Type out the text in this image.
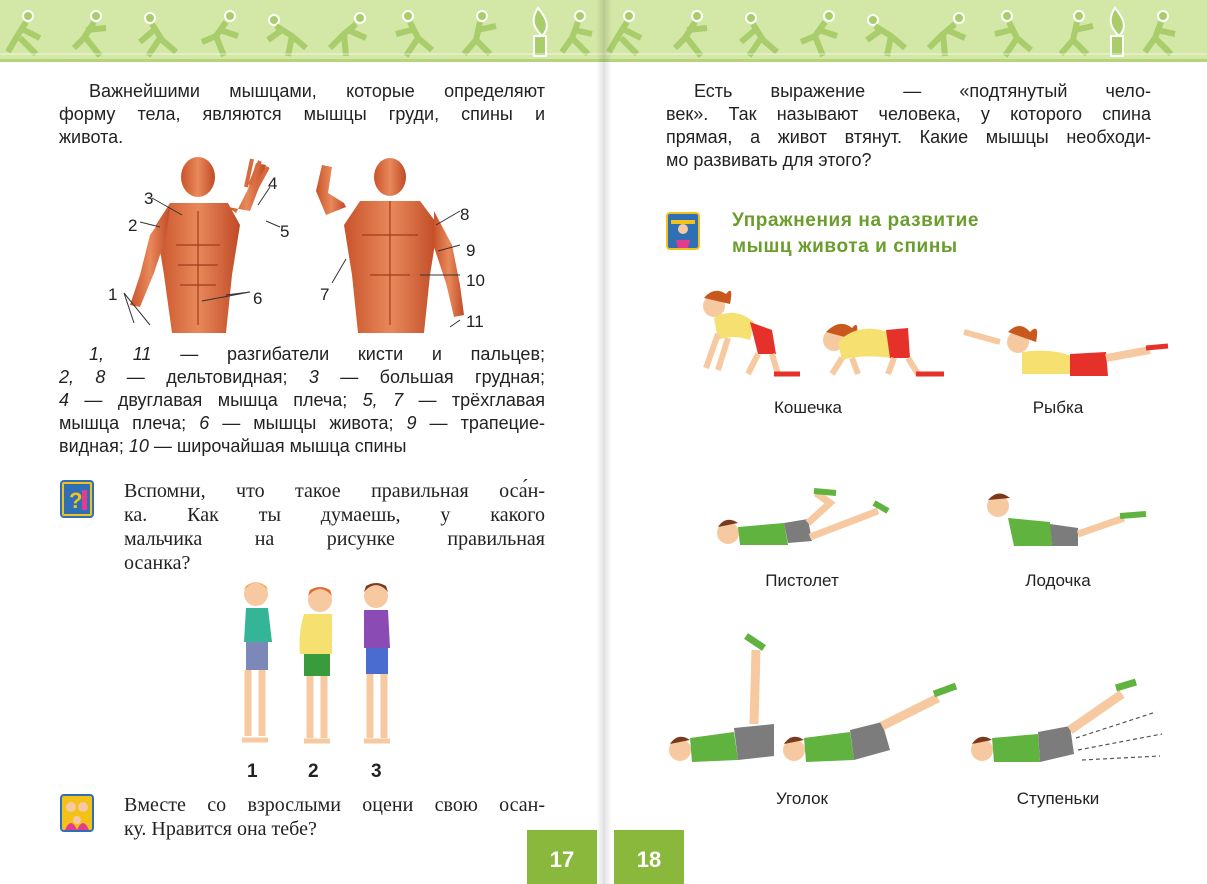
Важнейшими мышцами, которые определяют
форму тела, являются мышцы груди, спины и
живота.
3
2
4
5
1	6	7
8
9
10
11
1, 11 — разгибатели кисти и пальцев;
2, 8 — дельтовидная; 3 — большая грудная;
4 — двуглавая мышца плеча; 5, 7 — трёхглавая
мышца плеча; 6 — мышцы живота; 9 — трапецие-
видная; 10 — широчайшая мышца спины
? Вспомни, что такое правильная оса́н-
ка. Как ты думаешь, у какого
мальчика на рисунке правильная
осанка?
1	2	3
Вместе со взрослыми оцени свою осан-
ку. Нравится она тебе?
17
Есть выражение — «подтянутый чело-
век». Так называют человека, у которого спина
прямая, а живот втянут. Какие мышцы необходи-
мо развивать для этого?
Упражнения на развитие
мышц живота и спины
Кошечка	Рыбка
Пистолет	Лодочка
Уголок	Ступеньки
18
